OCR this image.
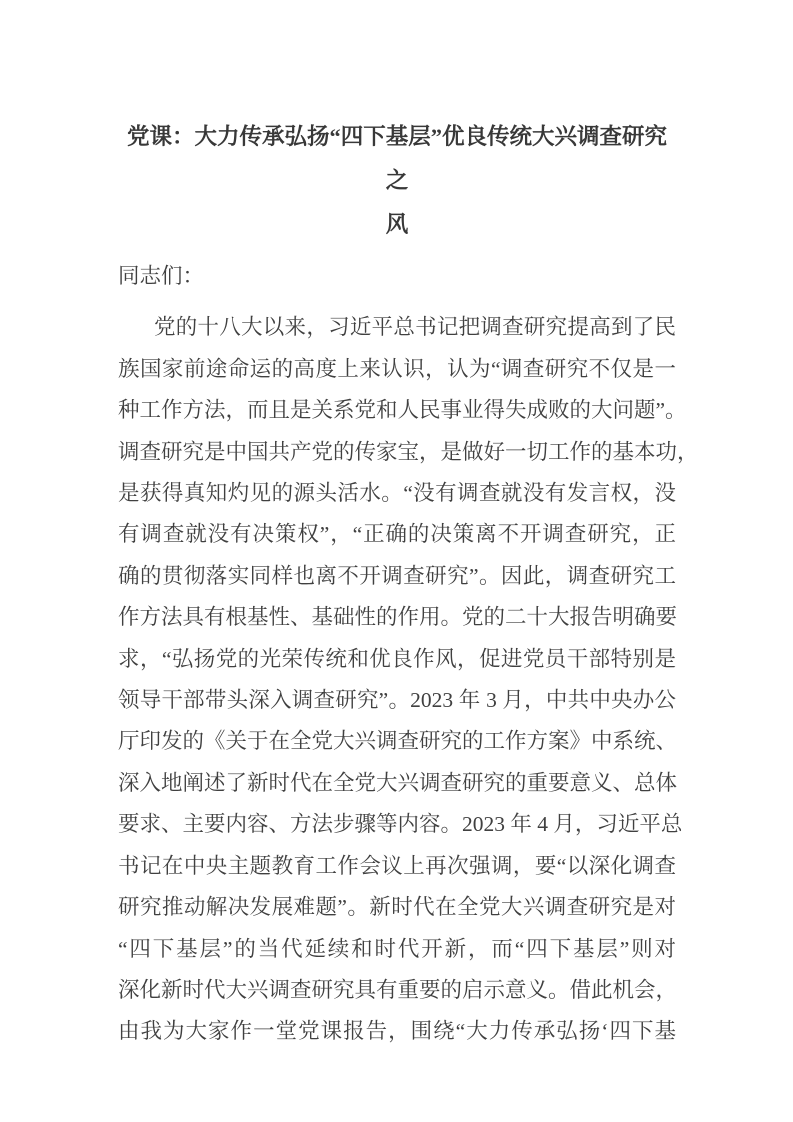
党课：大力传承弘扬“四下基层”优良传统大兴调查研究之
风
同志们：
党的十八大以来，习近平总书记把调查研究提高到了民
族国家前途命运的高度上来认识，认为“调查研究不仅是一
种工作方法，而且是关系党和人民事业得失成败的大问题”。
调查研究是中国共产党的传家宝，是做好一切工作的基本功，
是获得真知灼见的源头活水。“没有调查就没有发言权，没
有调查就没有决策权”，“正确的决策离不开调查研究，正
确的贯彻落实同样也离不开调查研究”。因此，调查研究工
作方法具有根基性、基础性的作用。党的二十大报告明确要
求，“弘扬党的光荣传统和优良作风，促进党员干部特别是
领导干部带头深入调查研究”。2023 年 3 月，中共中央办公
厅印发的《关于在全党大兴调查研究的工作方案》中系统、
深入地阐述了新时代在全党大兴调查研究的重要意义、总体
要求、主要内容、方法步骤等内容。2023 年 4 月，习近平总
书记在中央主题教育工作会议上再次强调，要“以深化调查
研究推动解决发展难题”。新时代在全党大兴调查研究是对
“四下基层”的当代延续和时代开新，而“四下基层”则对
深化新时代大兴调查研究具有重要的启示意义。借此机会，
由我为大家作一堂党课报告，围绕“大力传承弘扬‘四下基
